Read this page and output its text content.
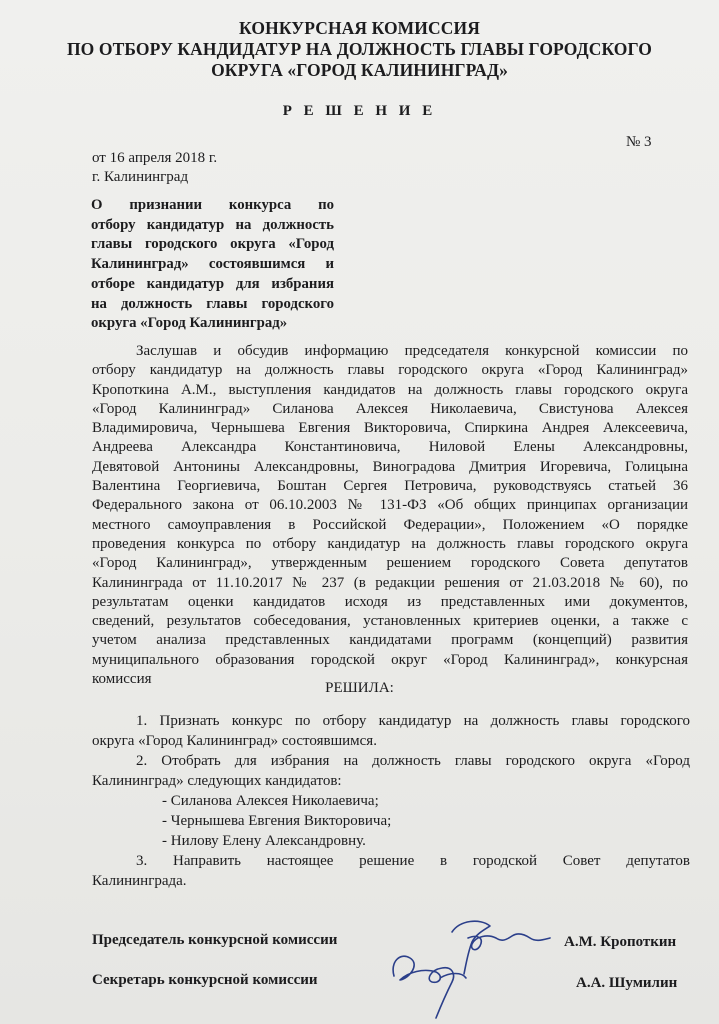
КОНКУРСНАЯ КОМИССИЯ
ПО ОТБОРУ КАНДИДАТУР НА ДОЛЖНОСТЬ ГЛАВЫ ГОРОДСКОГО
ОКРУГА «ГОРОД КАЛИНИНГРАД»
Р Е Ш Е Н И Е
№ 3
от 16 апреля 2018 г.
г. Калининград
О признании конкурса по
отбору кандидатур на должность
главы городского округа «Город
Калининград» состоявшимся и
отборе кандидатур для избрания
на должность главы городского
округа «Город Калининград»
Заслушав и обсудив информацию председателя конкурсной комиссии по
отбору кандидатур на должность главы городского округа «Город Калининград»
Кропоткина А.М., выступления кандидатов на должность главы городского округа
«Город Калининград» Силанова Алексея Николаевича, Свистунова Алексея
Владимировича, Чернышева Евгения Викторовича, Спиркина Андрея Алексеевича,
Андреева Александра Константиновича, Ниловой Елены Александровны,
Девятовой Антонины Александровны, Виноградова Дмитрия Игоревича, Голицына
Валентина Георгиевича, Боштан Сергея Петровича, руководствуясь статьей 36
Федерального закона от 06.10.2003 № 131-ФЗ «Об общих принципах организации
местного самоуправления в Российской Федерации», Положением «О порядке
проведения конкурса по отбору кандидатур на должность главы городского округа
«Город Калининград», утвержденным решением городского Совета депутатов
Калининграда от 11.10.2017 № 237 (в редакции решения от 21.03.2018 № 60), по
результатам оценки кандидатов исходя из представленных ими документов,
сведений, результатов собеседования, установленных критериев оценки, а также с
учетом анализа представленных кандидатами программ (концепций) развития
муниципального образования городской округ «Город Калининград», конкурсная
комиссия
РЕШИЛА:
1. Признать конкурс по отбору кандидатур на должность главы городского
округа «Город Калининград» состоявшимся.
2. Отобрать для избрания на должность главы городского округа «Город
Калининград» следующих кандидатов:
- Силанова Алексея Николаевича;
- Чернышева Евгения Викторовича;
- Нилову Елену Александровну.
3. Направить настоящее решение в городской Совет депутатов
Калининграда.
Председатель конкурсной комиссии	А.М. Кропоткин
Секретарь конкурсной комиссии	А.А. Шумилин
